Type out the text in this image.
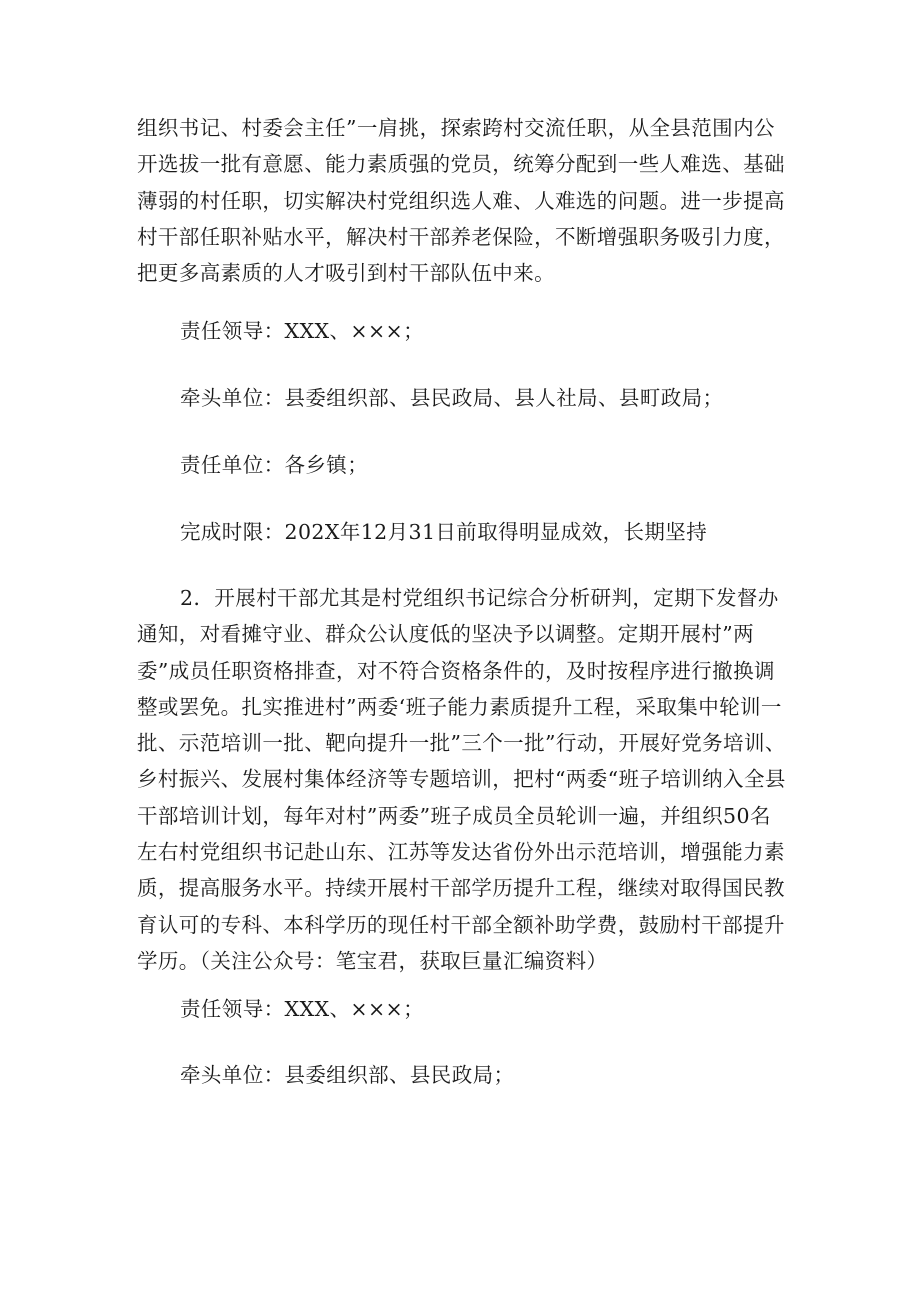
组织书记、村委会主任”一肩挑，探索跨村交流任职，从全县范围内公开选拔一批有意愿、能力素质强的党员，统筹分配到一些人难选、基础薄弱的村任职，切实解决村党组织选人难、人难选的问题。进一步提高村干部任职补贴水平，解决村干部养老保险，不断增强职务吸引力度，把更多高素质的人才吸引到村干部队伍中来。

责任领导：XXX、×××；

牵头单位：县委组织部、县民政局、县人社局、县町政局；

责任单位：各乡镇；

完成时限：202X年12月31日前取得明显成效，长期坚持

2．开展村干部尤其是村党组织书记综合分析研判，定期下发督办通知，对看摊守业、群众公认度低的坚决予以调整。定期开展村”两委”成员任职资格排查，对不符合资格条件的，及时按程序进行撤换调整或罢免。扎实推进村”两委‘班子能力素质提升工程，采取集中轮训一批、示范培训一批、靶向提升一批”三个一批”行动，开展好党务培训、乡村振兴、发展村集体经济等专题培训，把村“两委“班子培训纳入全县干部培训计划，每年对村”两委”班子成员全员轮训一遍，并组织50名左右村党组织书记赴山东、江苏等发达省份外出示范培训，增强能力素质，提高服务水平。持续开展村干部学历提升工程，继续对取得国民教育认可的专科、本科学历的现任村干部全额补助学费，鼓励村干部提升学历。（关注公众号：笔宝君，获取巨量汇编资料）

责任领导：XXX、×××；

牵头单位：县委组织部、县民政局；
